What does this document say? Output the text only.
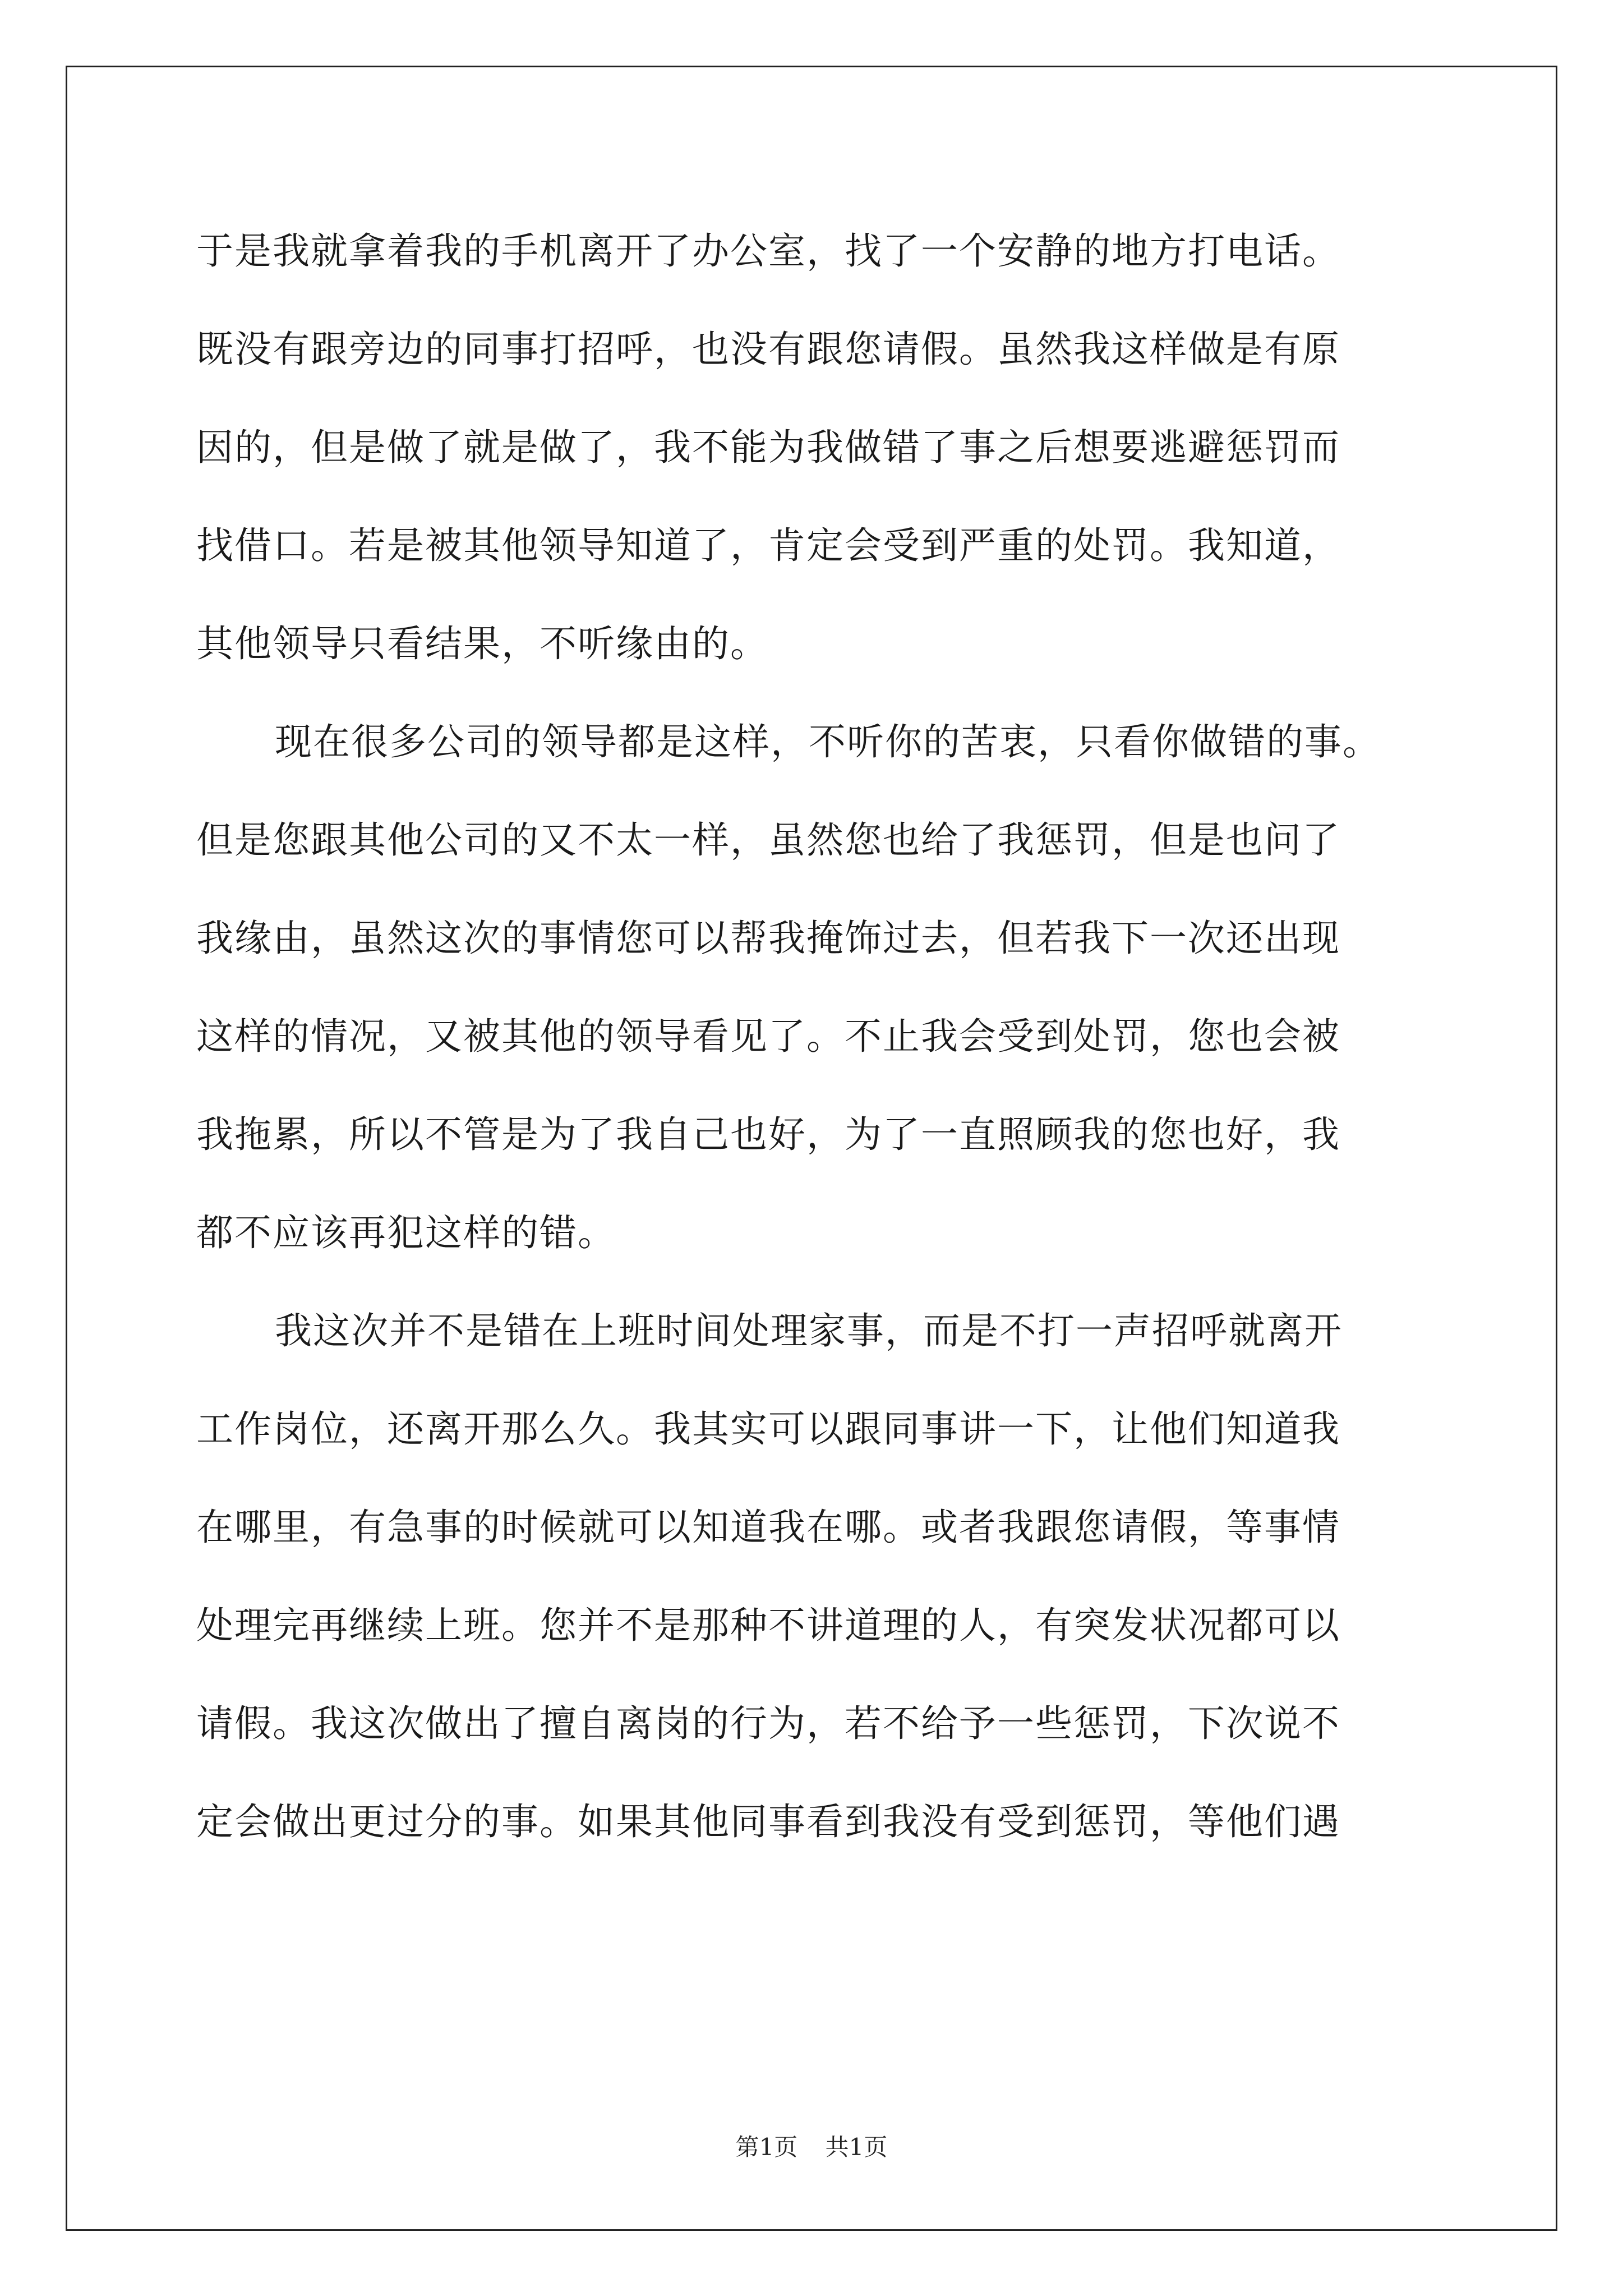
于是我就拿着我的手机离开了办公室，找了一个安静的地方打电话。
既没有跟旁边的同事打招呼，也没有跟您请假。虽然我这样做是有原
因的，但是做了就是做了，我不能为我做错了事之后想要逃避惩罚而
找借口。若是被其他领导知道了，肯定会受到严重的处罚。我知道，
其他领导只看结果，不听缘由的。
现在很多公司的领导都是这样，不听你的苦衷，只看你做错的事。
但是您跟其他公司的又不太一样，虽然您也给了我惩罚，但是也问了
我缘由，虽然这次的事情您可以帮我掩饰过去，但若我下一次还出现
这样的情况，又被其他的领导看见了。不止我会受到处罚，您也会被
我拖累，所以不管是为了我自己也好，为了一直照顾我的您也好，我
都不应该再犯这样的错。
我这次并不是错在上班时间处理家事，而是不打一声招呼就离开
工作岗位，还离开那么久。我其实可以跟同事讲一下，让他们知道我
在哪里，有急事的时候就可以知道我在哪。或者我跟您请假，等事情
处理完再继续上班。您并不是那种不讲道理的人，有突发状况都可以
请假。我这次做出了擅自离岗的行为，若不给予一些惩罚，下次说不
定会做出更过分的事。如果其他同事看到我没有受到惩罚，等他们遇
第1页 共1页
